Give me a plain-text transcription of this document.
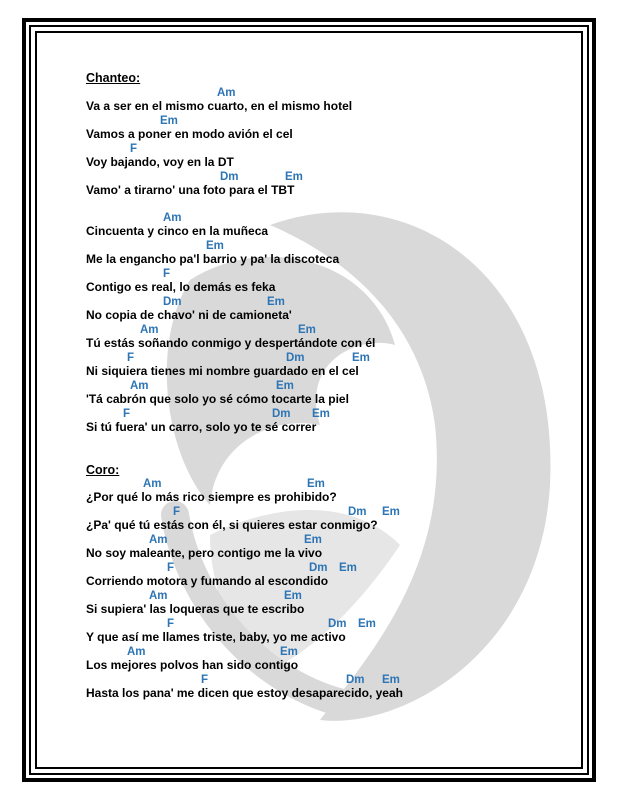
Chanteo:
Am
Va a ser en el mismo cuarto, en el mismo hotel
Em
Vamos a poner en modo avión el cel
F
Voy bajando, voy en la DT
Dm	Em
Vamo' a tirarno' una foto para el TBT
Am
Cincuenta y cinco en la muñeca
Em
Me la engancho pa'l barrio y pa' la discoteca
F
Contigo es real, lo demás es feka
Dm	Em
No copia de chavo' ni de camioneta'
Am	Em
Tú estás soñando conmigo y despertándote con él
F	Dm	Em
Ni siquiera tienes mi nombre guardado en el cel
Am	Em
'Tá cabrón que solo yo sé cómo tocarte la piel
F	Dm Em
Si tú fuera' un carro, solo yo te sé correr
Coro:
Am	Em
¿Por qué lo más rico siempre es prohibido?
F	Dm Em
¿Pa' qué tú estás con él, si quieres estar conmigo?
Am	Em
No soy maleante, pero contigo me la vivo
F	Dm Em
Corriendo motora y fumando al escondido
Am	Em
Si supiera' las loqueras que te escribo
F	Dm Em
Y que así me llames triste, baby, yo me activo
Am	Em
Los mejores polvos han sido contigo
F	Dm Em
Hasta los pana' me dicen que estoy desaparecido, yeah
